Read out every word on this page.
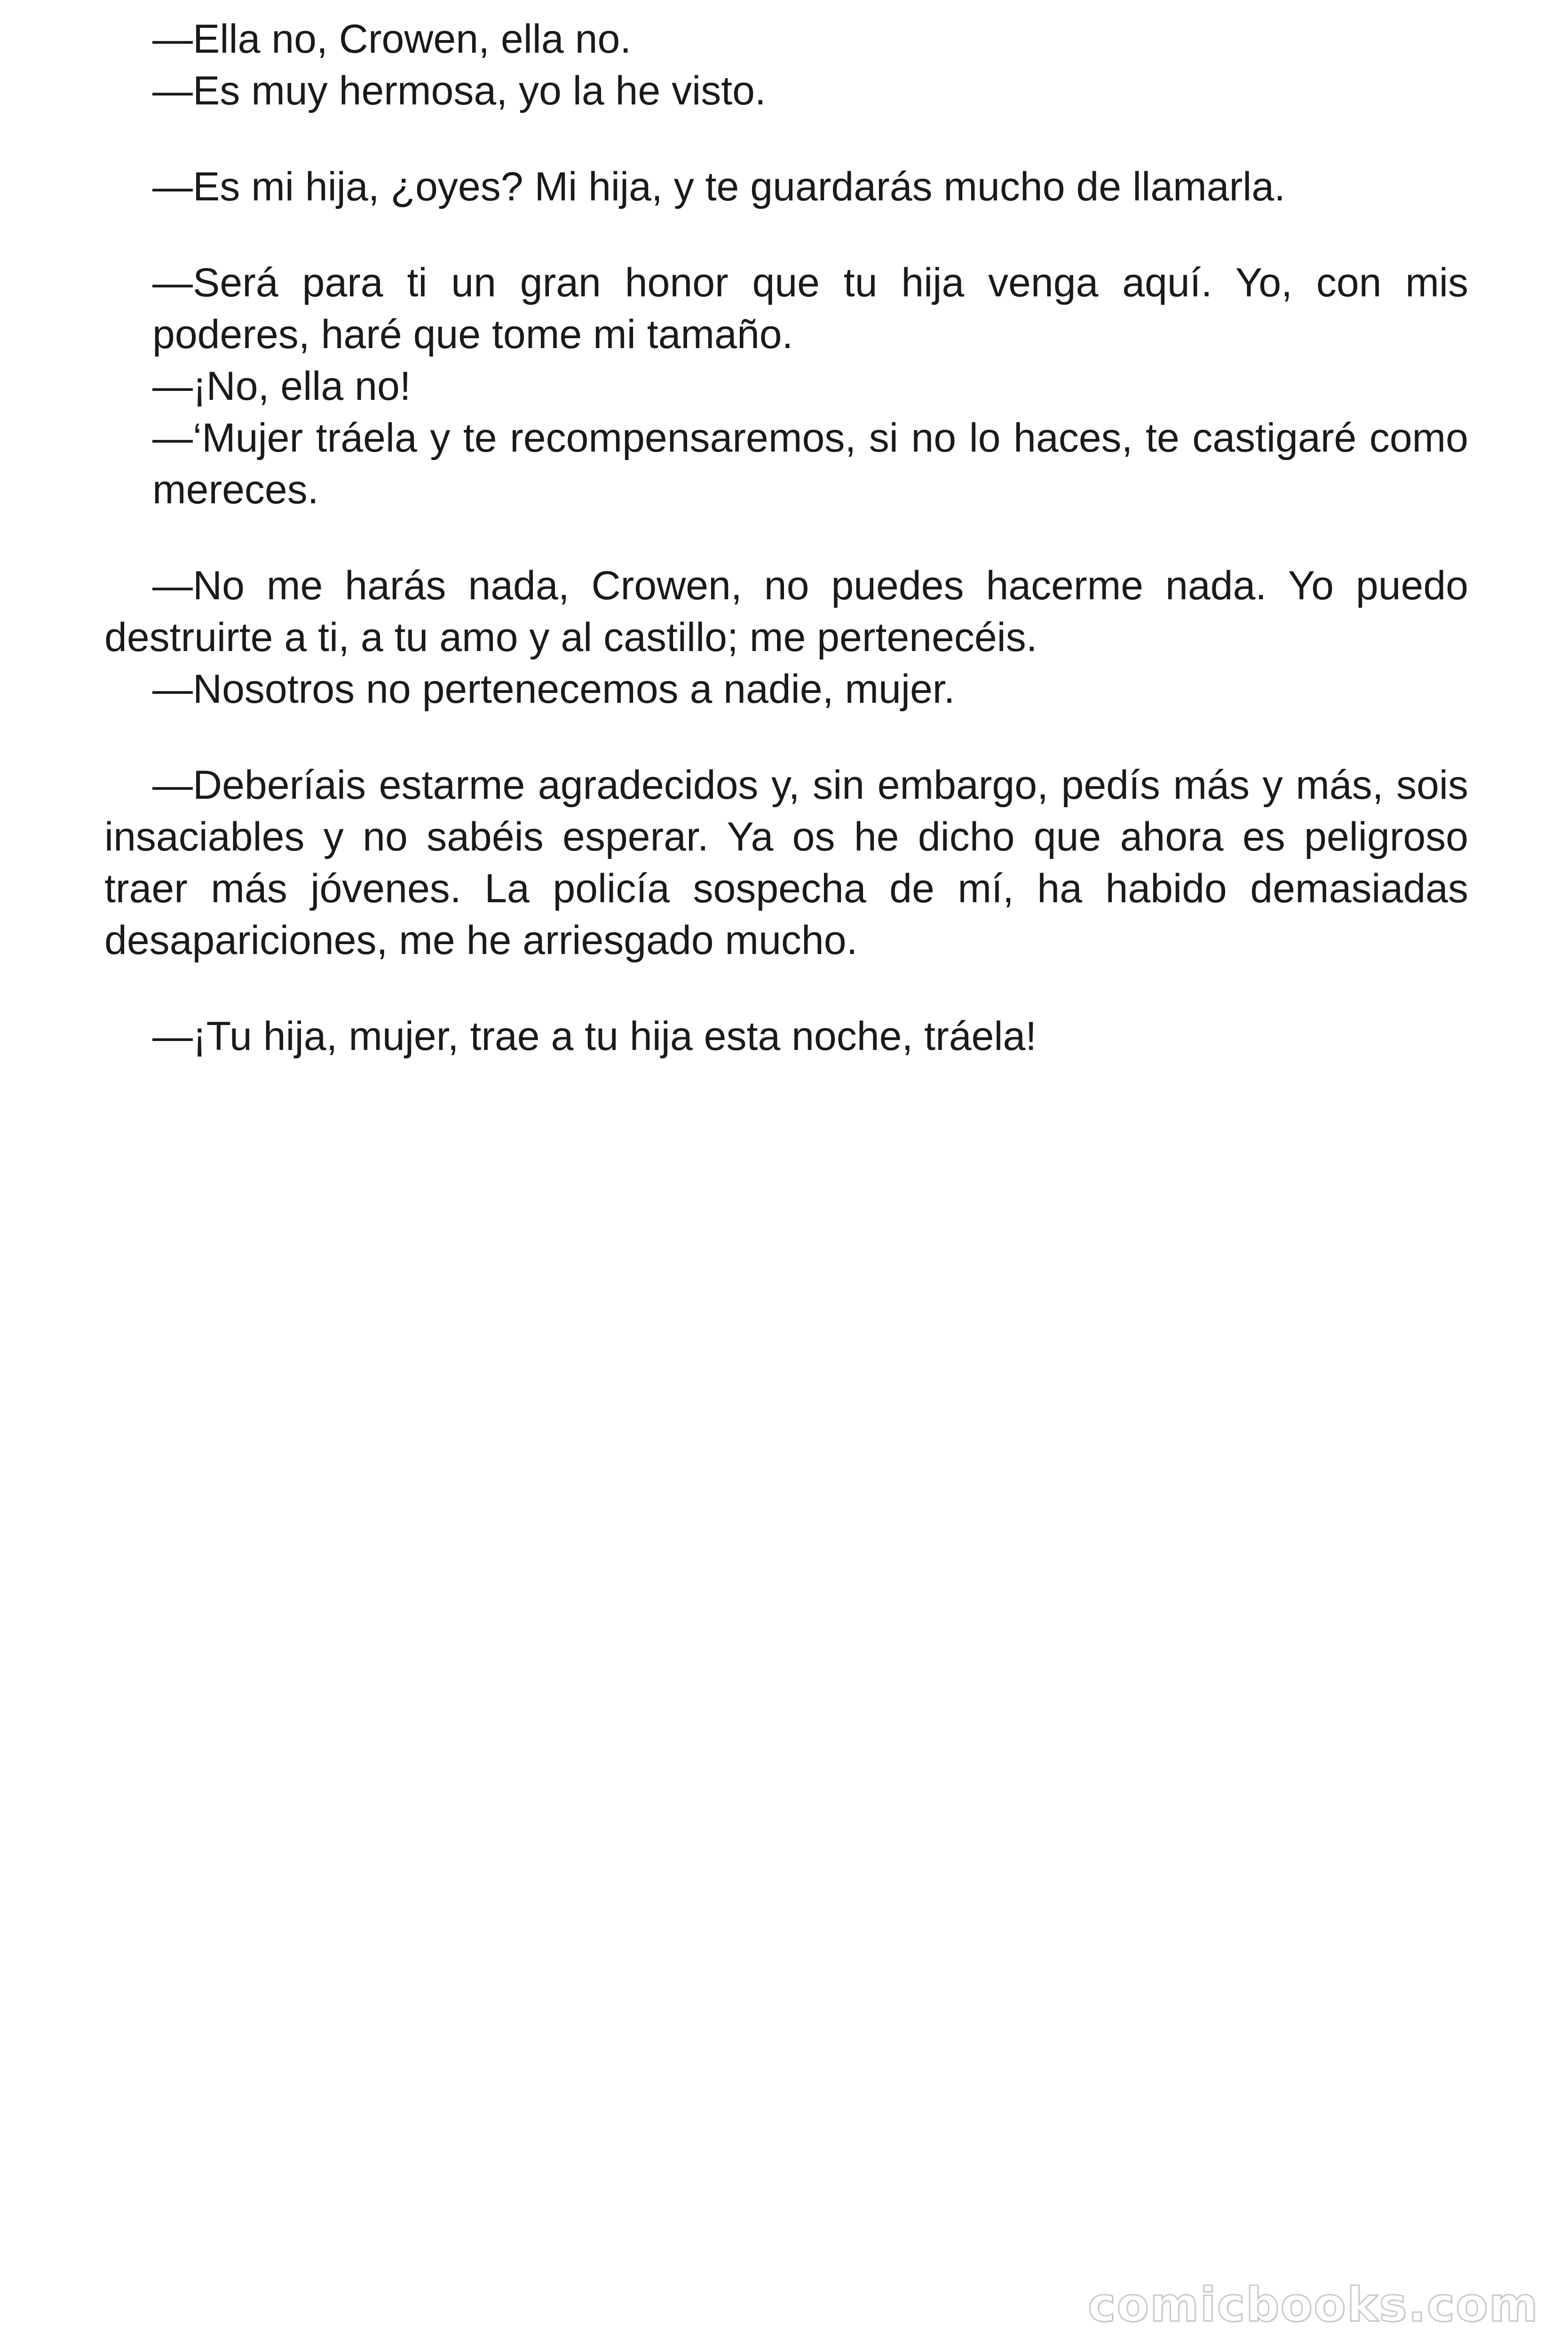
—Ella no, Crowen, ella no.

—Es muy hermosa, yo la he visto.

—Es mi hija, ¿oyes? Mi hija, y te guardarás mucho de llamarla.

—Será para ti un gran honor que tu hija venga aquí. Yo, con mis poderes, haré que tome mi tamaño.

—¡No, ella no!

—‘Mujer tráela y te recompensaremos, si no lo haces, te castigaré como mereces.

—No me harás nada, Crowen, no puedes hacerme nada. Yo puedo destruirte a ti, a tu amo y al castillo; me pertenecéis.

—Nosotros no pertenecemos a nadie, mujer.

—Deberíais estarme agradecidos y, sin embargo, pedís más y más, sois insaciables y no sabéis esperar. Ya os he dicho que ahora es peligroso traer más jóvenes. La policía sospecha de mí, ha habido demasiadas desapariciones, me he arriesgado mucho.

—¡Tu hija, mujer, trae a tu hija esta noche, tráela!

comicbooks.com
